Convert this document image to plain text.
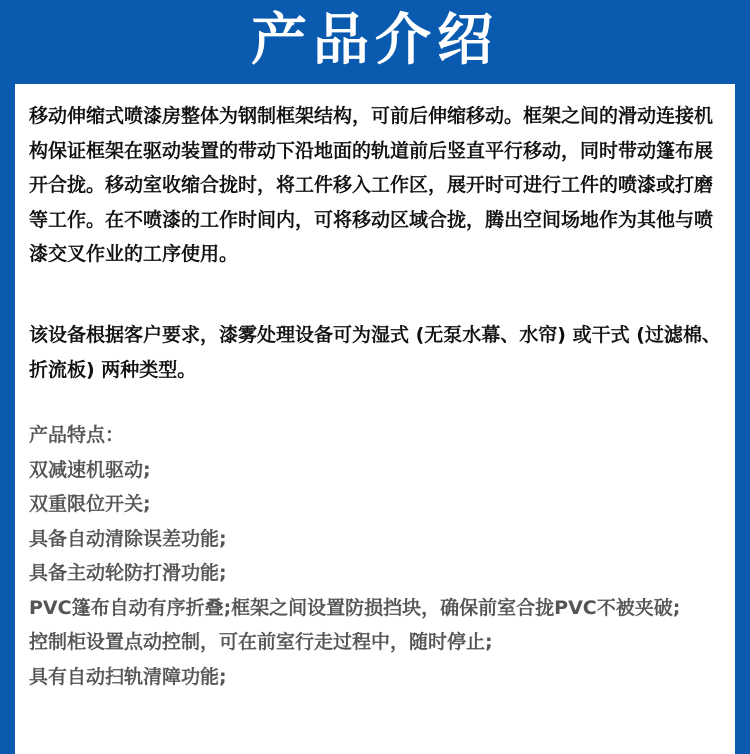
产品介绍

移动伸缩式喷漆房整体为钢制框架结构，可前后伸缩移动。框架之间的滑动连接机构保证框架在驱动装置的带动下沿地面的轨道前后竖直平行移动，同时带动篷布展开合拢。移动室收缩合拢时，将工件移入工作区，展开时可进行工件的喷漆或打磨等工作。在不喷漆的工作时间内，可将移动区域合拢，腾出空间场地作为其他与喷漆交叉作业的工序使用。

该设备根据客户要求，漆雾处理设备可为湿式 (无泵水幕、水帘) 或干式 (过滤棉、折流板) 两种类型。

产品特点：

双减速机驱动;
双重限位开关;
具备自动清除误差功能;
具备主动轮防打滑功能;
PVC篷布自动有序折叠;框架之间设置防损挡块，确保前室合拢PVC不被夹破;
控制柜设置点动控制，可在前室行走过程中，随时停止;
具有自动扫轨清障功能;
